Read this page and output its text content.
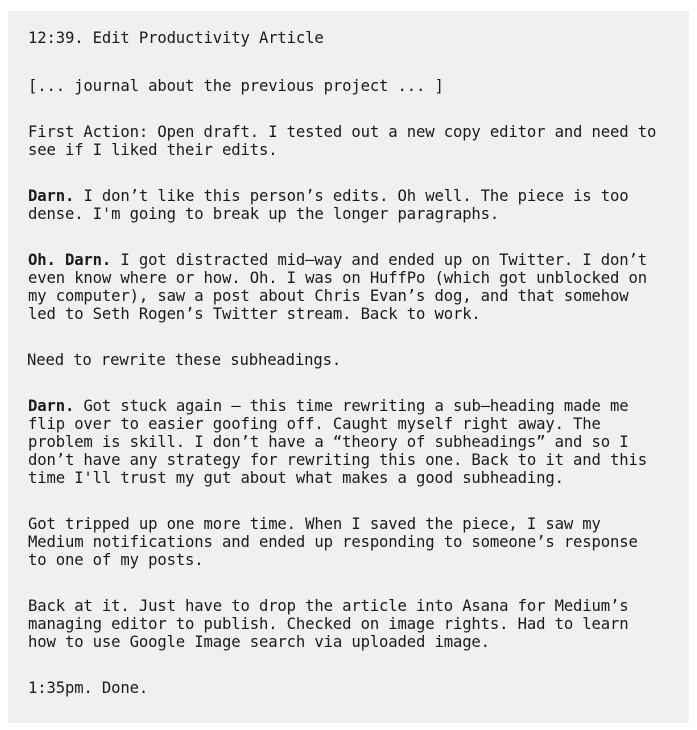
12:39. Edit Productivity Article

[... journal about the previous project ... ]

First Action: Open draft. I tested out a new copy editor and need to
see if I liked their edits.

Darn. I don’t like this person’s edits. Oh well. The piece is too
dense. I'm going to break up the longer paragraphs.

Oh. Darn. I got distracted mid–way and ended up on Twitter. I don’t
even know where or how. Oh. I was on HuffPo (which got unblocked on
my computer), saw a post about Chris Evan’s dog, and that somehow
led to Seth Rogen’s Twitter stream. Back to work.

Need to rewrite these subheadings.

Darn. Got stuck again — this time rewriting a sub–heading made me
flip over to easier goofing off. Caught myself right away. The
problem is skill. I don’t have a “theory of subheadings” and so I
don’t have any strategy for rewriting this one. Back to it and this
time I'll trust my gut about what makes a good subheading.

Got tripped up one more time. When I saved the piece, I saw my
Medium notifications and ended up responding to someone’s response
to one of my posts.

Back at it. Just have to drop the article into Asana for Medium’s
managing editor to publish. Checked on image rights. Had to learn
how to use Google Image search via uploaded image.

1:35pm. Done.
